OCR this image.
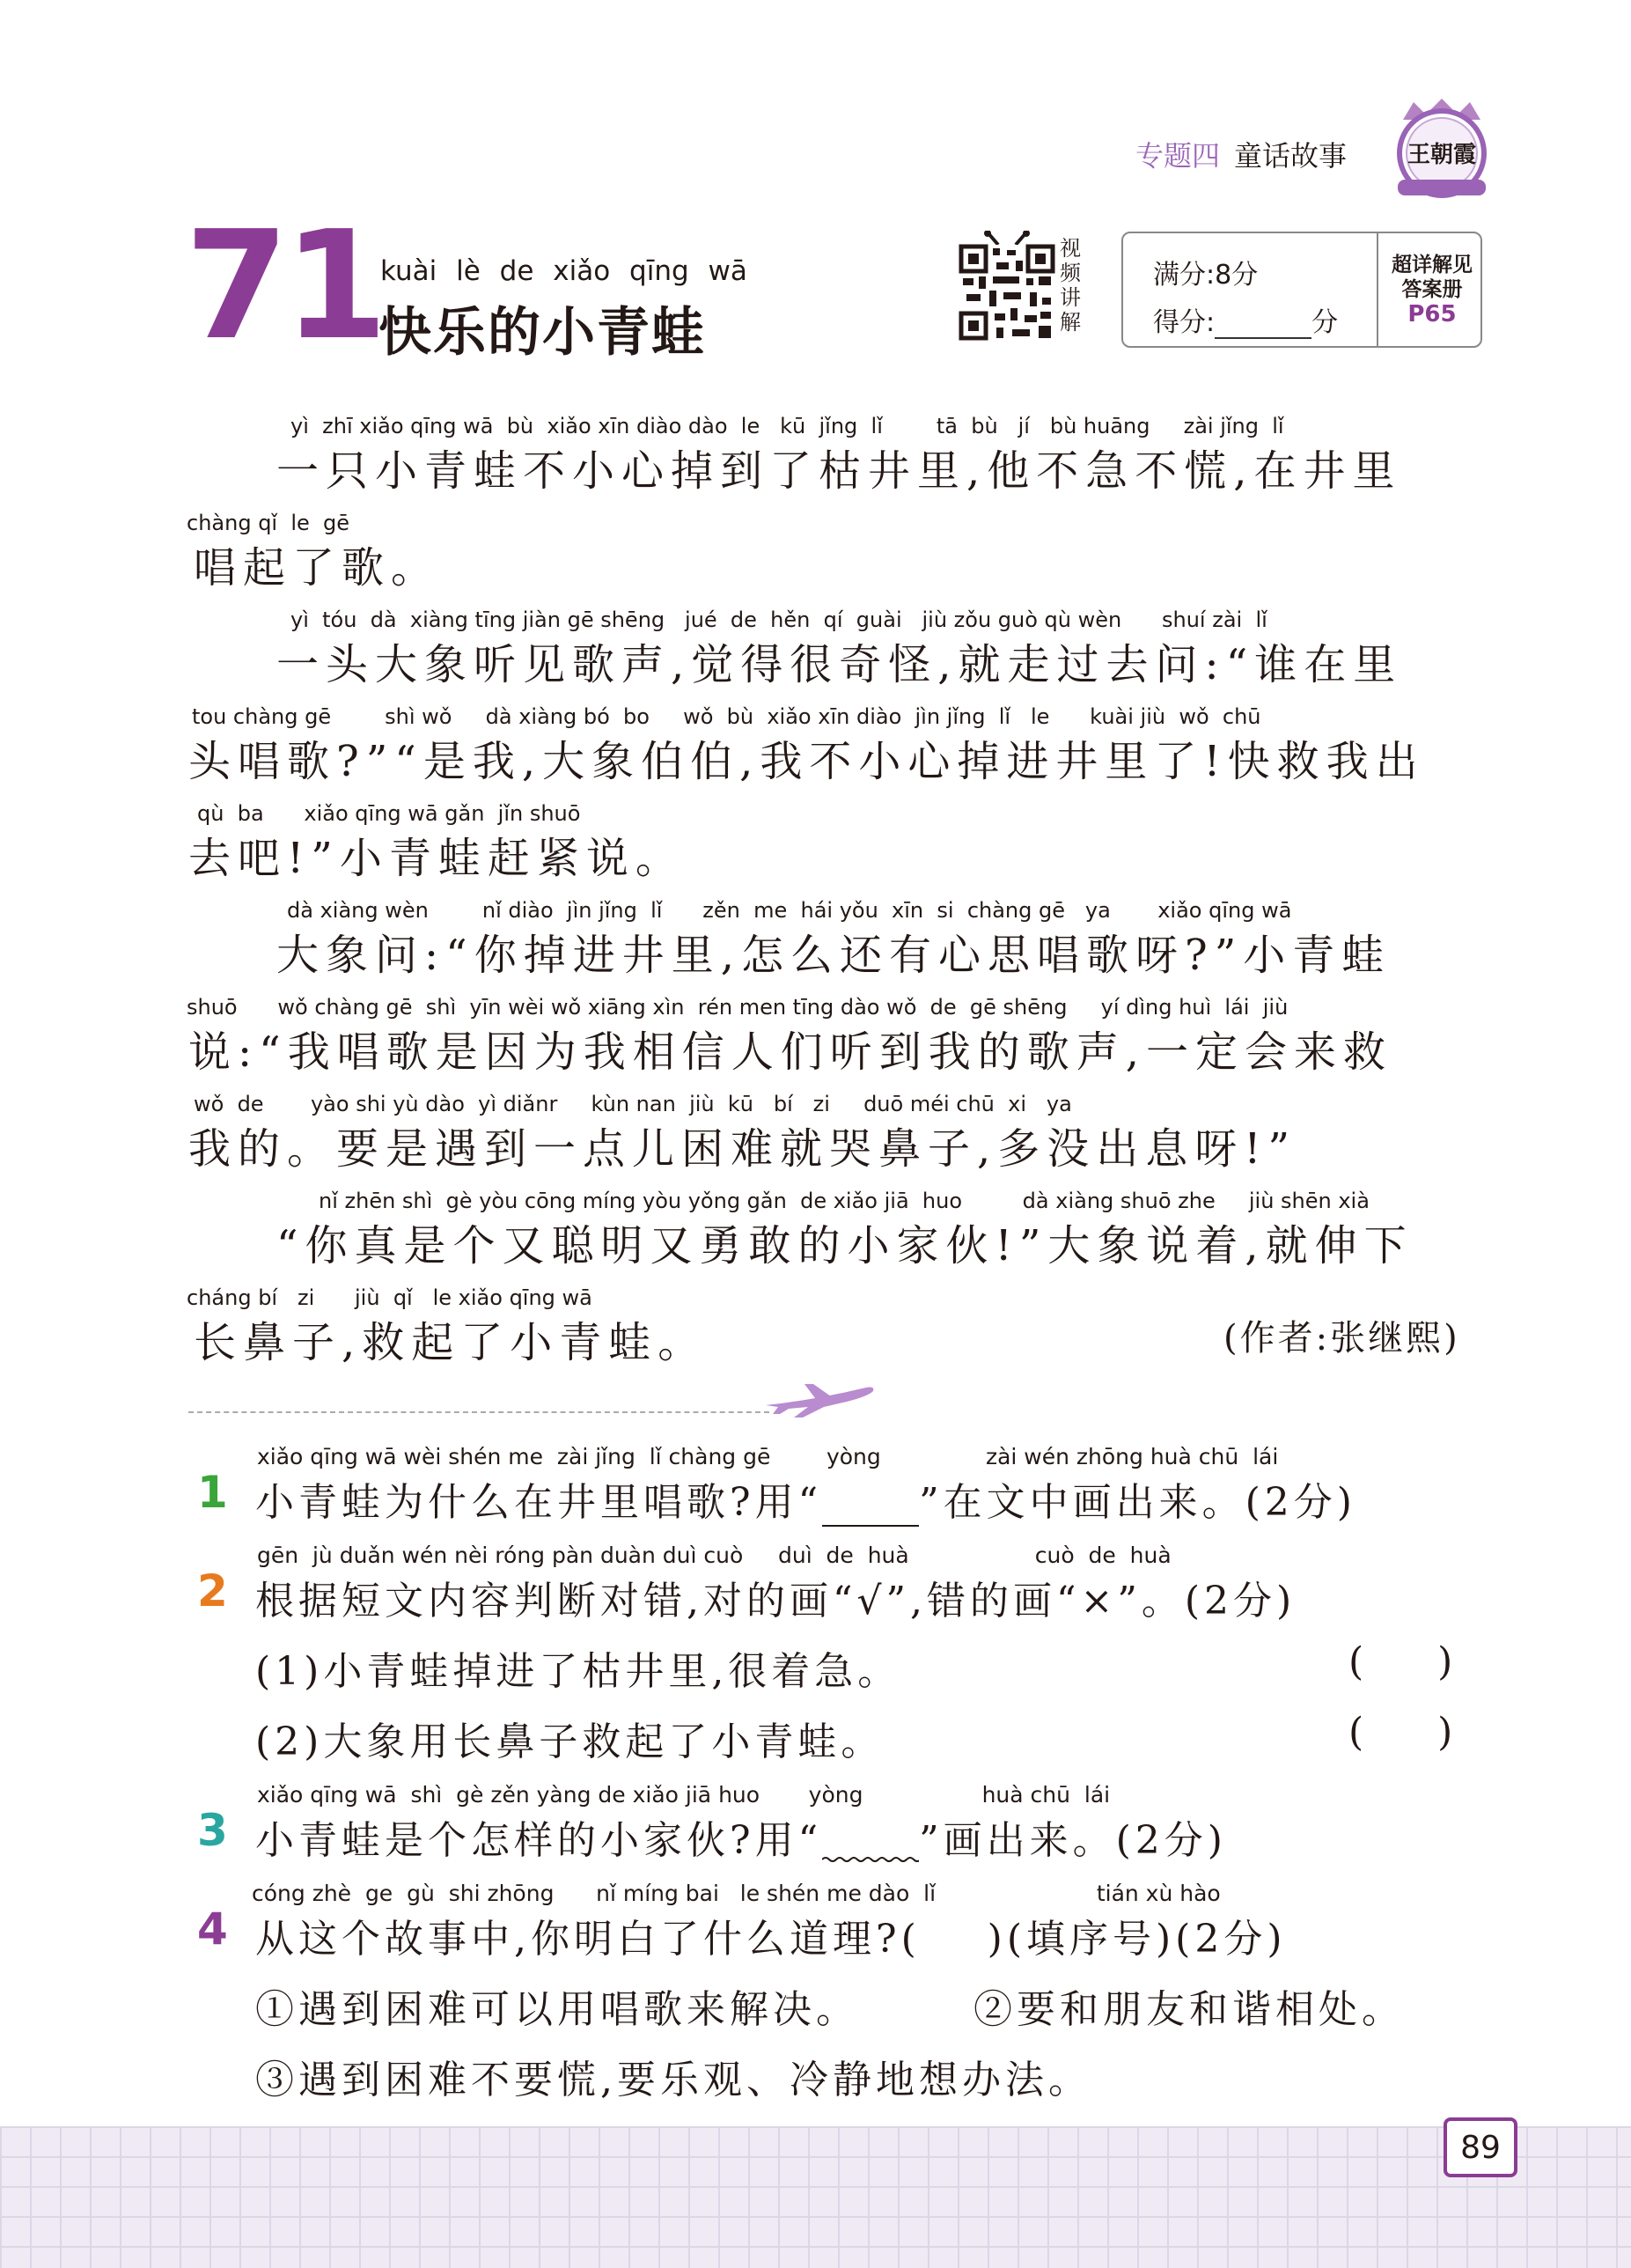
专题四 童话故事	王朝霞
71
kuài lè de xiǎo qīng wā
快乐的小青蛙
视频讲解
满分:8分
得分:	分
超详解见答案册
P65
yì  zhī xiǎo qīng wā  bù  xiǎo xīn diào dào  le   kū  jǐng  lǐ        tā  bù   jí   bù huāng     zài jǐng  lǐ
一只小青蛙不小心掉到了枯井里,他不急不慌,在井里
chàng qǐ  le  gē
唱起了歌。
yì  tóu  dà  xiàng tīng jiàn gē shēng   jué  de  hěn  qí  guài   jiù zǒu guò qù wèn      shuí zài  lǐ
一头大象听见歌声,觉得很奇怪,就走过去问:“谁在里
tou chàng gē        shì wǒ     dà xiàng bó  bo     wǒ  bù  xiǎo xīn diào  jìn jǐng  lǐ   le      kuài jiù  wǒ  chū
头唱歌?”“是我,大象伯伯,我不小心掉进井里了!快救我出
qù  ba      xiǎo qīng wā gǎn  jǐn shuō
去吧!”小青蛙赶紧说。
dà xiàng wèn        nǐ diào  jìn jǐng  lǐ      zěn  me  hái yǒu  xīn  si  chàng gē   ya       xiǎo qīng wā
大象问:“你掉进井里,怎么还有心思唱歌呀?”小青蛙
shuō      wǒ chàng gē  shì  yīn wèi wǒ xiāng xìn  rén men tīng dào wǒ  de  gē shēng     yí dìng huì  lái  jiù
说:“我唱歌是因为我相信人们听到我的歌声,一定会来救
wǒ  de       yào shi yù dào  yì diǎnr     kùn nan  jiù  kū   bí   zi     duō méi chū  xi   ya
我的。要是遇到一点儿困难就哭鼻子,多没出息呀!”
nǐ zhēn shì  gè yòu cōng míng yòu yǒng gǎn  de xiǎo jiā  huo         dà xiàng shuō zhe     jiù shēn xià
“你真是个又聪明又勇敢的小家伙!”大象说着,就伸下
cháng bí   zi      jiù  qǐ   le xiǎo qīng wā
长鼻子,救起了小青蛙。	(作者:张继熙)
xiǎo qīng wā wèi shén me  zài jǐng  lǐ chàng gē        yòng               zài wén zhōng huà chū  lái
1 小青蛙为什么在井里唱歌?用“	”在文中画出来。(2分)
gēn  jù duǎn wén nèi róng pàn duàn duì cuò     duì  de  huà                  cuò  de  huà
2 根据短文内容判断对错,对的画“√”,错的画“×”。(2分)
(1)小青蛙掉进了枯井里,很着急。	(      )
(2)大象用长鼻子救起了小青蛙。	(      )
xiǎo qīng wā  shì  gè zěn yàng de xiǎo jiā huo       yòng                 huà chū  lái
3 小青蛙是个怎样的小家伙?用“	”画出来。(2分)
cóng zhè  ge  gù  shi zhōng      nǐ míng bai   le shén me dào  lǐ                       tián xù hào
4 从这个故事中,你明白了什么道理?(    )(填序号)(2分)
①遇到困难可以用唱歌来解决。	②要和朋友和谐相处。
③遇到困难不要慌,要乐观、冷静地想办法。
89
